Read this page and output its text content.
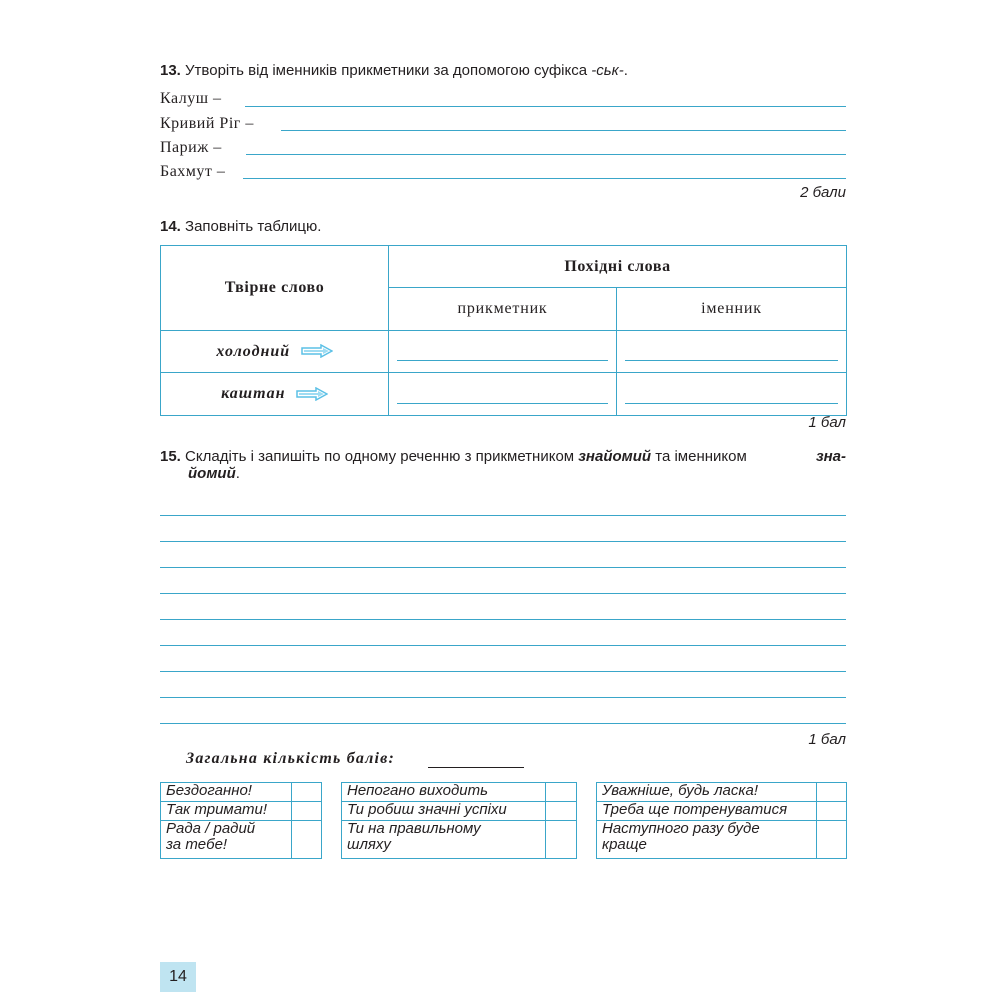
13. Утворіть від іменників прикметники за допомогою суфікса -ськ-.
Калуш –
Кривий Ріг –
Париж –
Бахмут –
2 бали
14. Заповніть таблицю.
Твірне слово	Похідні слова	
	прикметник	іменник
холодний	

каштан	

1 бал
15. Складіть і запишіть по одному реченню з прикметником знайомий та іменником	зна-
йомий.
1 бал
Загальна кількість балів:
Бездоганно!	
Так тримати!	
Рада / радий
за тебе!	
Непогано виходить	
Ти робиш значні успіхи	
Ти на правильному
шляху	
Уважніше, будь ласка!	
Треба ще потренуватися	
Наступного разу буде
краще	
14
